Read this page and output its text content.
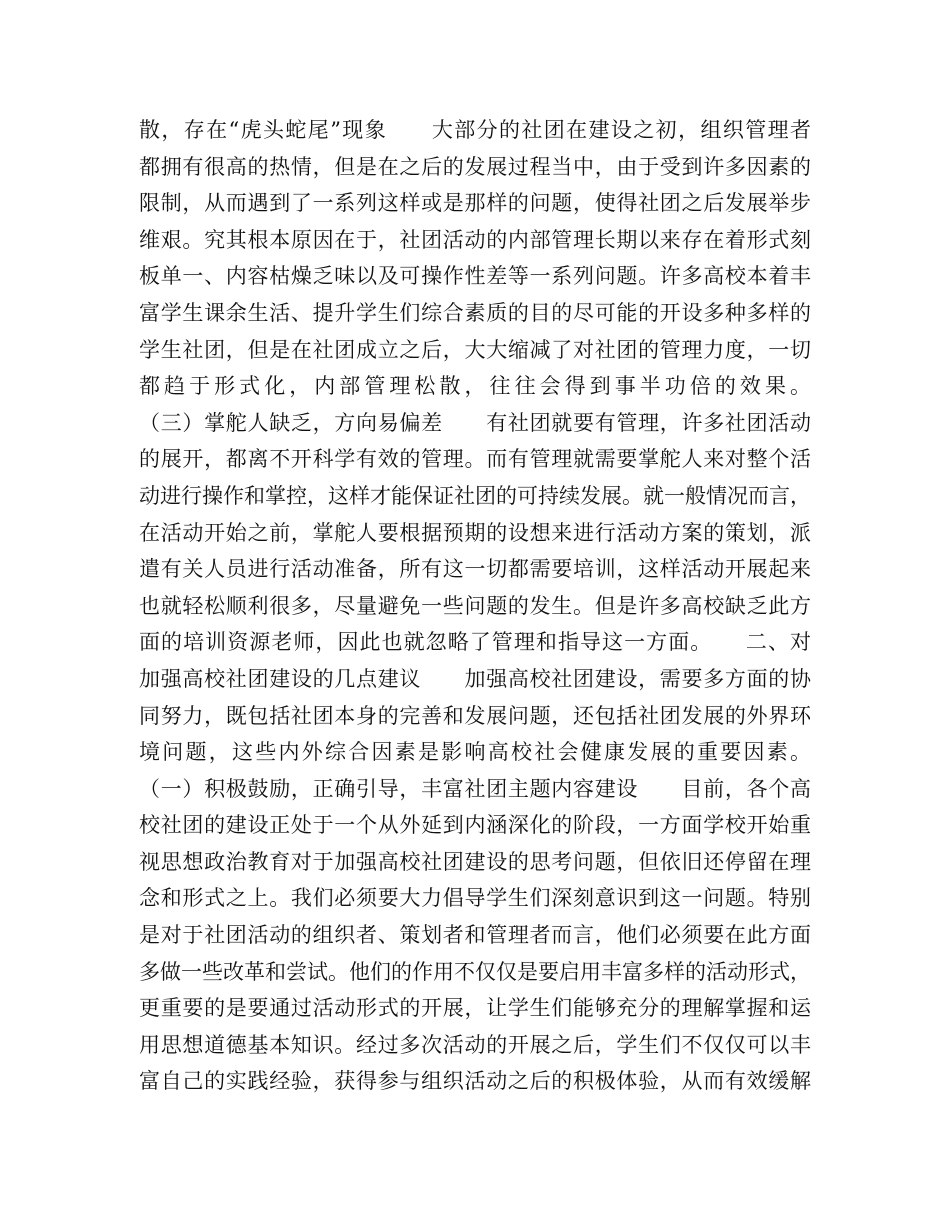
散，存在“虎头蛇尾”现象　　大部分的社团在建设之初，组织管理者
都拥有很高的热情，但是在之后的发展过程当中，由于受到许多因素的
限制，从而遇到了一系列这样或是那样的问题，使得社团之后发展举步
维艰。究其根本原因在于，社团活动的内部管理长期以来存在着形式刻
板单一、内容枯燥乏味以及可操作性差等一系列问题。许多高校本着丰
富学生课余生活、提升学生们综合素质的目的尽可能的开设多种多样的
学生社团，但是在社团成立之后，大大缩减了对社团的管理力度，一切
都趋于形式化，内部管理松散，往往会得到事半功倍的效果。
（三）掌舵人缺乏，方向易偏差　　有社团就要有管理，许多社团活动
的展开，都离不开科学有效的管理。而有管理就需要掌舵人来对整个活
动进行操作和掌控，这样才能保证社团的可持续发展。就一般情况而言，
在活动开始之前，掌舵人要根据预期的设想来进行活动方案的策划，派
遣有关人员进行活动准备，所有这一切都需要培训，这样活动开展起来
也就轻松顺利很多，尽量避免一些问题的发生。但是许多高校缺乏此方
面的培训资源老师，因此也就忽略了管理和指导这一方面。　　二、对
加强高校社团建设的几点建议　　加强高校社团建设，需要多方面的协
同努力，既包括社团本身的完善和发展问题，还包括社团发展的外界环
境问题，这些内外综合因素是影响高校社会健康发展的重要因素。
（一）积极鼓励，正确引导，丰富社团主题内容建设　　目前，各个高
校社团的建设正处于一个从外延到内涵深化的阶段，一方面学校开始重
视思想政治教育对于加强高校社团建设的思考问题，但依旧还停留在理
念和形式之上。我们必须要大力倡导学生们深刻意识到这一问题。特别
是对于社团活动的组织者、策划者和管理者而言，他们必须要在此方面
多做一些改革和尝试。他们的作用不仅仅是要启用丰富多样的活动形式，
更重要的是要通过活动形式的开展，让学生们能够充分的理解掌握和运
用思想道德基本知识。经过多次活动的开展之后，学生们不仅仅可以丰
富自己的实践经验，获得参与组织活动之后的积极体验，从而有效缓解
